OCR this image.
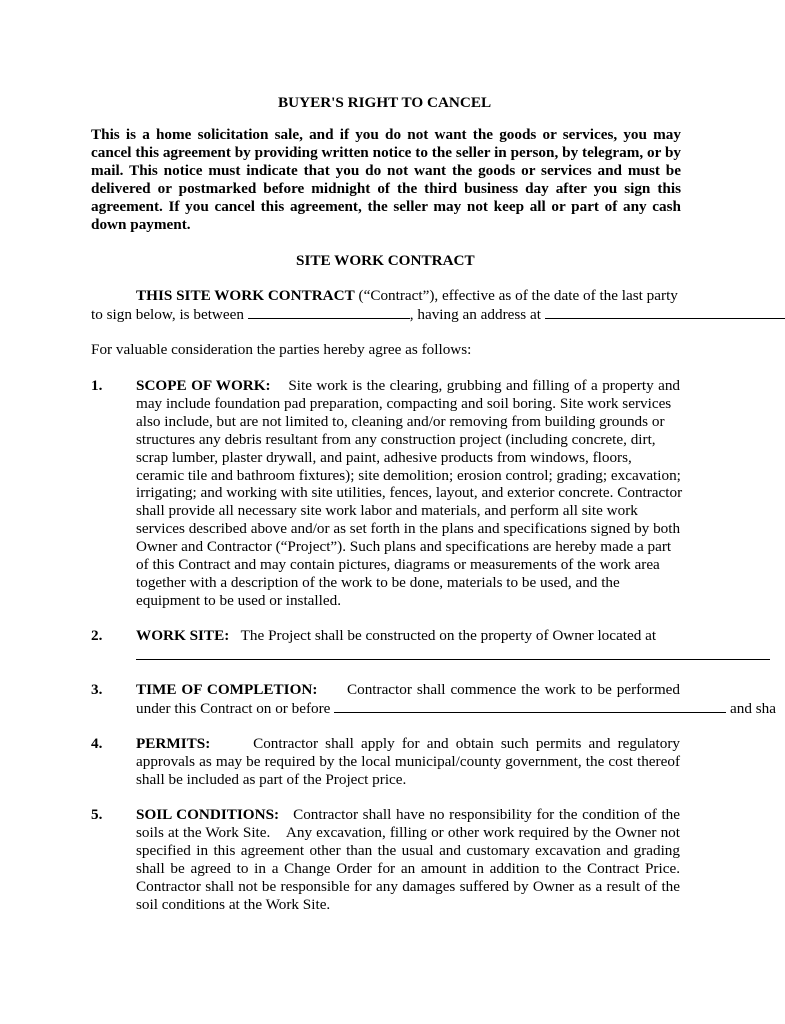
BUYER'S RIGHT TO CANCEL
This is a home solicitation sale, and if you do not want the goods or services, you may
cancel this agreement by providing written notice to the seller in person, by telegram, or by
mail. This notice must indicate that you do not want the goods or services and must be
delivered or postmarked before midnight of the third business day after you sign this
agreement. If you cancel this agreement, the seller may not keep all or part of any cash
down payment.
SITE WORK CONTRACT
THIS SITE WORK CONTRACT (“Contract”), effective as of the date of the last party
to sign below, is between	, having an address at
For valuable consideration the parties hereby agree as follows:
1. SCOPE OF WORK: Site work is the clearing, grubbing and filling of a property and
may include foundation pad preparation, compacting and soil boring. Site work services
also include, but are not limited to, cleaning and/or removing from building grounds or
structures any debris resultant from any construction project (including concrete, dirt,
scrap lumber, plaster drywall, and paint, adhesive products from windows, floors,
ceramic tile and bathroom fixtures); site demolition; erosion control; grading; excavation;
irrigating; and working with site utilities, fences, layout, and exterior concrete. Contractor
shall provide all necessary site work labor and materials, and perform all site work
services described above and/or as set forth in the plans and specifications signed by both
Owner and Contractor (“Project”). Such plans and specifications are hereby made a part
of this Contract and may contain pictures, diagrams or measurements of the work area
together with a description of the work to be done, materials to be used, and the
equipment to be used or installed.
2. WORK SITE: The Project shall be constructed on the property of Owner located at
3. TIME OF COMPLETION: Contractor shall commence the work to be performed
under this Contract on or before	and sha
4. PERMITS:	Contractor shall apply for and obtain such permits and regulatory
approvals as may be required by the local municipal/county government, the cost thereof
shall be included as part of the Project price.
5. SOIL CONDITIONS: Contractor shall have no responsibility for the condition of the
soils at the Work Site.    Any excavation, filling or other work required by the Owner not
specified in this agreement other than the usual and customary excavation and grading
shall be agreed to in a Change Order for an amount in addition to the Contract Price.
Contractor shall not be responsible for any damages suffered by Owner as a result of the
soil conditions at the Work Site.
